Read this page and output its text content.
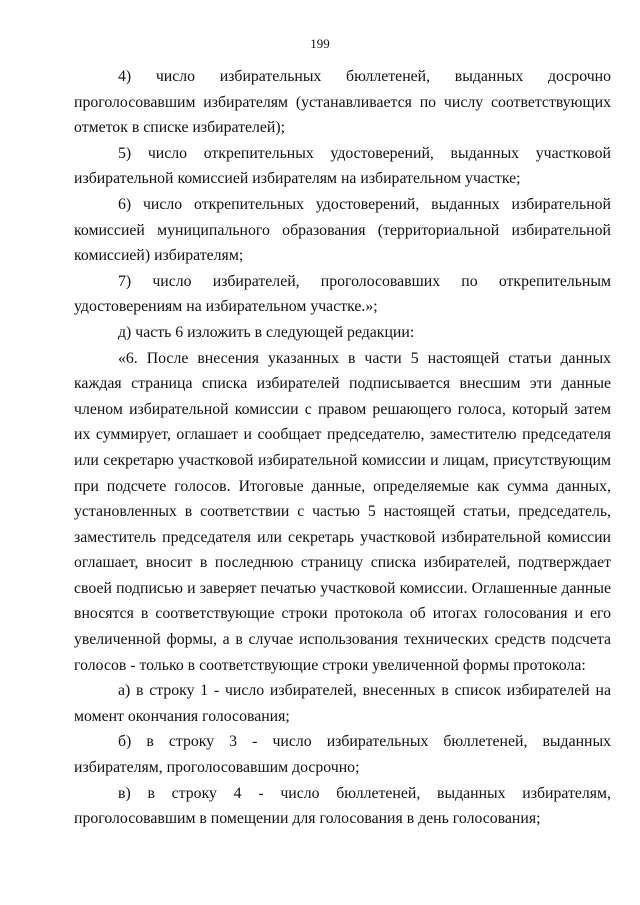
199

4) число избирательных бюллетеней, выданных досрочно проголосовавшим избирателям (устанавливается по числу соответствующих отметок в списке избирателей);

5) число открепительных удостоверений, выданных участковой избирательной комиссией избирателям на избирательном участке;

6) число открепительных удостоверений, выданных избирательной комиссией муниципального образования (территориальной избирательной комиссией) избирателям;

7) число избирателей, проголосовавших по открепительным удостоверениям на избирательном участке.»;

д) часть 6 изложить в следующей редакции:

«6. После внесения указанных в части 5 настоящей статьи данных каждая страница списка избирателей подписывается внесшим эти данные членом избирательной комиссии с правом решающего голоса, который затем их суммирует, оглашает и сообщает председателю, заместителю председателя или секретарю участковой избирательной комиссии и лицам, присутствующим при подсчете голосов. Итоговые данные, определяемые как сумма данных, установленных в соответствии с частью 5 настоящей статьи, председатель, заместитель председателя или секретарь участковой избирательной комиссии оглашает, вносит в последнюю страницу списка избирателей, подтверждает своей подписью и заверяет печатью участковой комиссии. Оглашенные данные вносятся в соответствующие строки протокола об итогах голосования и его увеличенной формы, а в случае использования технических средств подсчета голосов - только в соответствующие строки увеличенной формы протокола:

а) в строку 1 - число избирателей, внесенных в список избирателей на момент окончания голосования;

б) в строку 3 - число избирательных бюллетеней, выданных избирателям, проголосовавшим досрочно;

в) в строку 4 - число бюллетеней, выданных избирателям, проголосовавшим в помещении для голосования в день голосования;
